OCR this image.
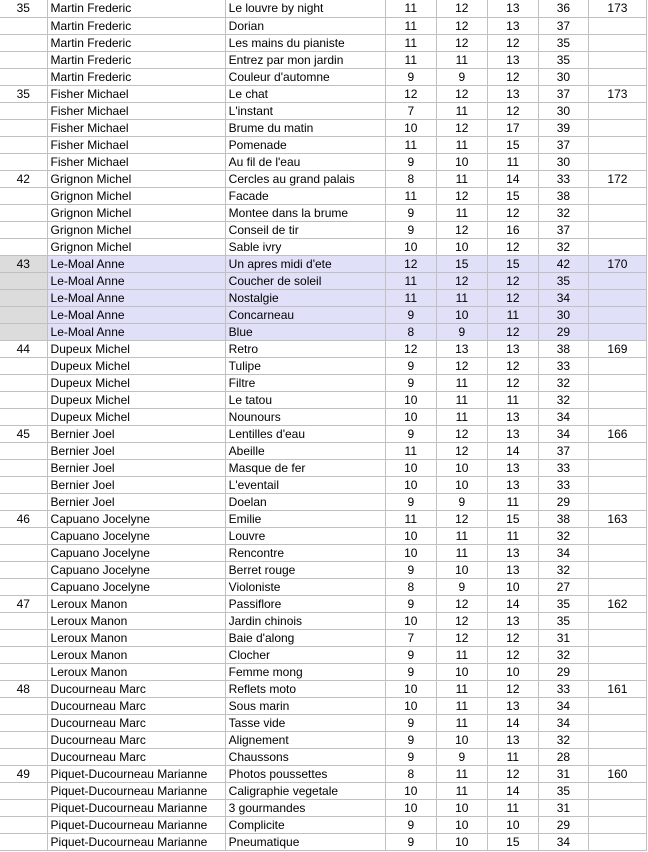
35	Martin Frederic	Le louvre by night	11	12	13	36	173
	Martin Frederic	Dorian	11	12	13	37	
	Martin Frederic	Les mains du pianiste	11	12	12	35	
	Martin Frederic	Entrez par mon jardin	11	11	13	35	
	Martin Frederic	Couleur d'automne	9	9	12	30	
35	Fisher Michael	Le chat	12	12	13	37	173
	Fisher Michael	L'instant	7	11	12	30	
	Fisher Michael	Brume du matin	10	12	17	39	
	Fisher Michael	Pomenade	11	11	15	37	
	Fisher Michael	Au fil de l'eau	9	10	11	30	
42	Grignon Michel	Cercles au grand palais	8	11	14	33	172
	Grignon Michel	Facade	11	12	15	38	
	Grignon Michel	Montee dans la brume	9	11	12	32	
	Grignon Michel	Conseil de tir	9	12	16	37	
	Grignon Michel	Sable ivry	10	10	12	32	
43	Le-Moal Anne	Un apres midi d'ete	12	15	15	42	170
	Le-Moal Anne	Coucher de soleil	11	12	12	35	
	Le-Moal Anne	Nostalgie	11	11	12	34	
	Le-Moal Anne	Concarneau	9	10	11	30	
	Le-Moal Anne	Blue	8	9	12	29	
44	Dupeux Michel	Retro	12	13	13	38	169
	Dupeux Michel	Tulipe	9	12	12	33	
	Dupeux Michel	Filtre	9	11	12	32	
	Dupeux Michel	Le tatou	10	11	11	32	
	Dupeux Michel	Nounours	10	11	13	34	
45	Bernier Joel	Lentilles d'eau	9	12	13	34	166
	Bernier Joel	Abeille	11	12	14	37	
	Bernier Joel	Masque de fer	10	10	13	33	
	Bernier Joel	L'eventail	10	10	13	33	
	Bernier Joel	Doelan	9	9	11	29	
46	Capuano Jocelyne	Emilie	11	12	15	38	163
	Capuano Jocelyne	Louvre	10	11	11	32	
	Capuano Jocelyne	Rencontre	10	11	13	34	
	Capuano Jocelyne	Berret rouge	9	10	13	32	
	Capuano Jocelyne	Violoniste	8	9	10	27	
47	Leroux Manon	Passiflore	9	12	14	35	162
	Leroux Manon	Jardin chinois	10	12	13	35	
	Leroux Manon	Baie d'along	7	12	12	31	
	Leroux Manon	Clocher	9	11	12	32	
	Leroux Manon	Femme mong	9	10	10	29	
48	Ducourneau Marc	Reflets moto	10	11	12	33	161
	Ducourneau Marc	Sous marin	10	11	13	34	
	Ducourneau Marc	Tasse vide	9	11	14	34	
	Ducourneau Marc	Alignement	9	10	13	32	
	Ducourneau Marc	Chaussons	9	9	11	28	
49	Piquet-Ducourneau Marianne	Photos poussettes	8	11	12	31	160
	Piquet-Ducourneau Marianne	Caligraphie vegetale	10	11	14	35	
	Piquet-Ducourneau Marianne	3 gourmandes	10	10	11	31	
	Piquet-Ducourneau Marianne	Complicite	9	10	10	29	
	Piquet-Ducourneau Marianne	Pneumatique	9	10	15	34	
